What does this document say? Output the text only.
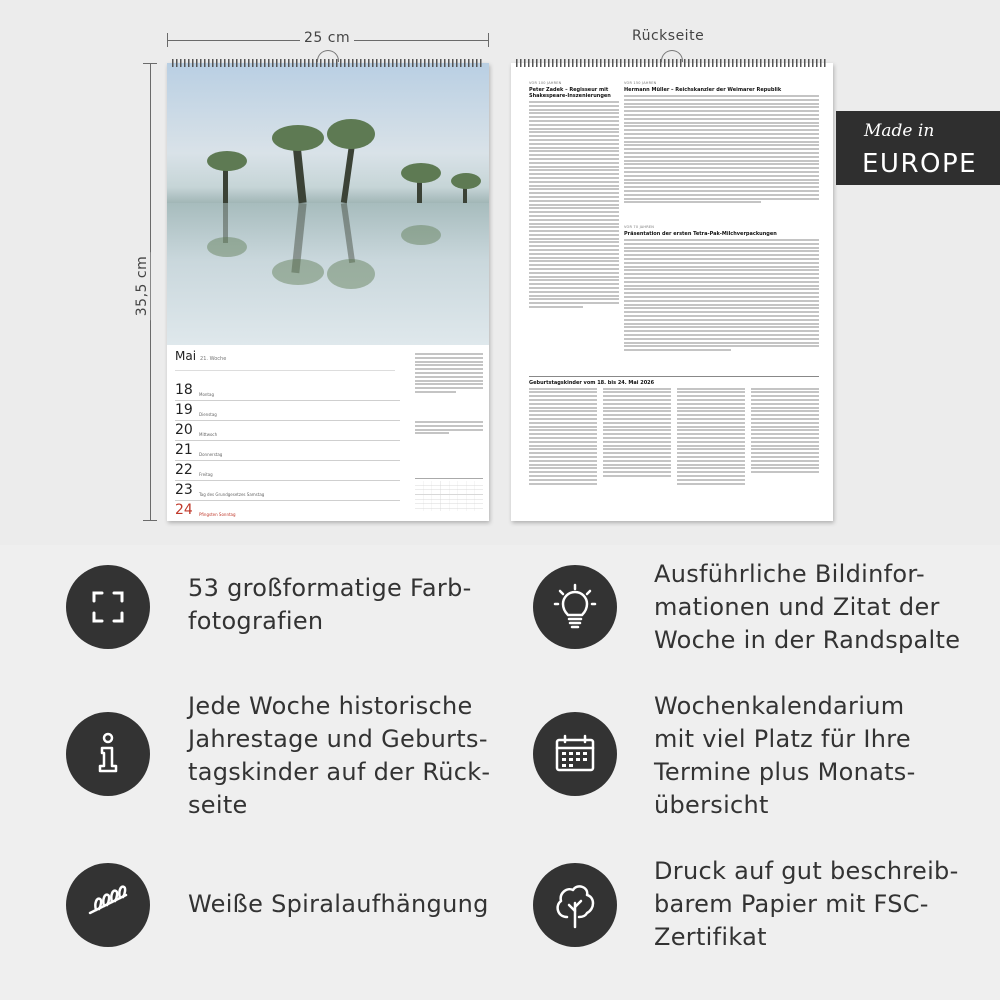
25 cm
35,5 cm
Rückseite
Mai 21. Woche
18 Montag
19 Dienstag
20 Mittwoch
21 Donnerstag
22 Freitag
23 Tag des Grundgesetzes Samstag
24 Pfingsten Sonntag
VOR 100 JAHREN
Peter Zadek – Regisseur mit Shakespeare-Inszenierungen
VOR 150 JAHREN
Hermann Müller – Reichskanzler der Weimarer Republik
VOR 70 JAHREN
Präsentation der ersten Tetra-Pak-Milchverpackungen
Geburtstagskinder vom 18. bis 24. Mai 2026
Made in
EUROPE
53 großformatige Farb-
fotografien
Ausführliche Bildinfor-
mationen und Zitat der
Woche in der Randspalte
Jede Woche historische
Jahrestage und Geburts-
tagskinder auf der Rück-
seite
Wochenkalendarium
mit viel Platz für Ihre
Termine plus Monats-
übersicht
Weiße Spiralaufhängung
Druck auf gut beschreib-
barem Papier mit FSC-
Zertifikat
